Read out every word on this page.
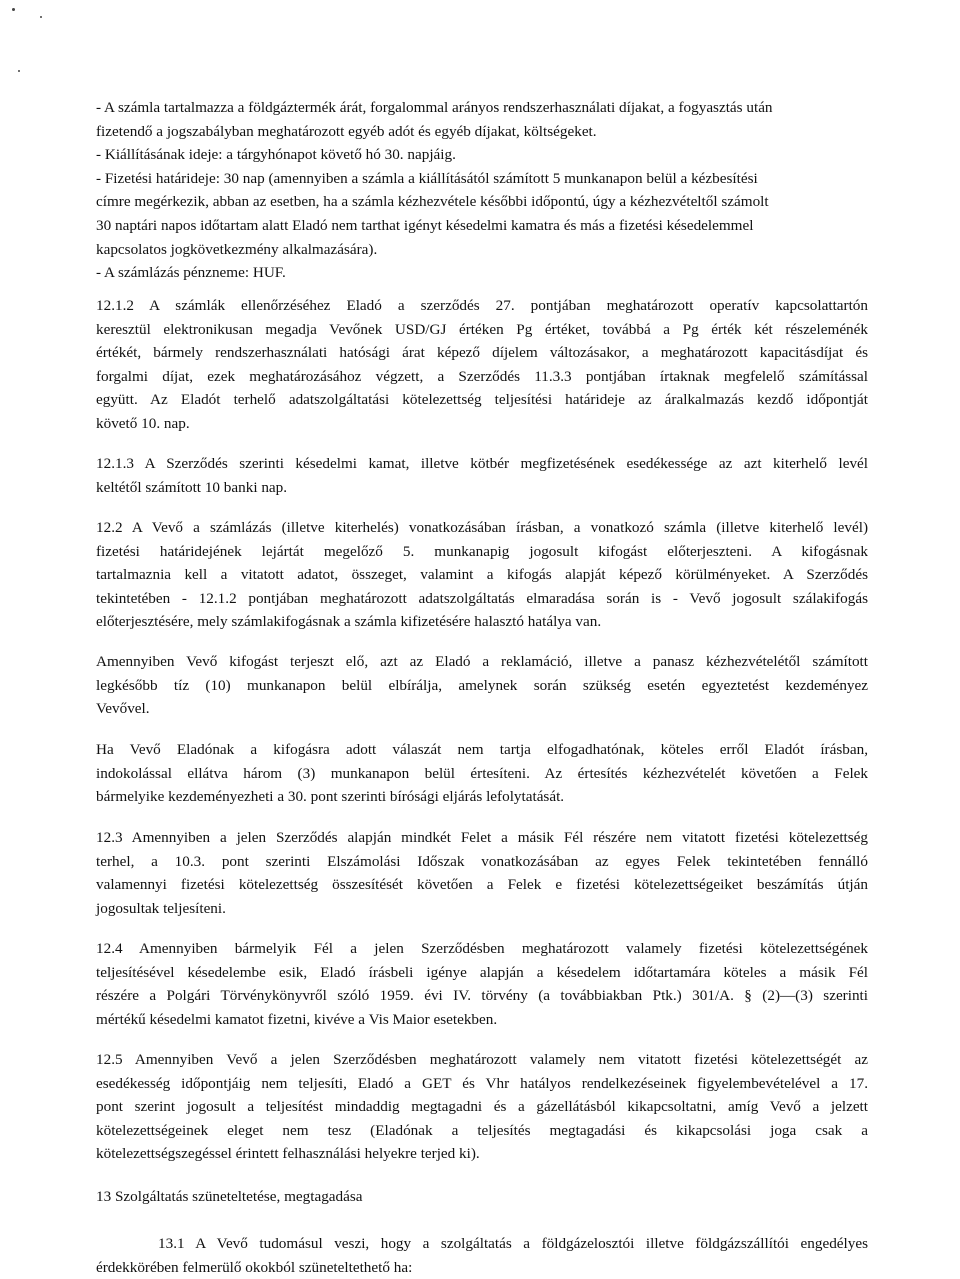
- A számla tartalmazza a földgáztermék árát, forgalommal arányos rendszerhasználati díjakat, a fogyasztás után
fizetendő a jogszabályban meghatározott egyéb adót és egyéb díjakat, költségeket.
- Kiállításának ideje: a tárgyhónapot követő hó 30. napjáig.
- Fizetési határideje: 30 nap (amennyiben a számla a kiállításától számított 5 munkanapon belül a kézbesítési
címre megérkezik, abban az esetben, ha a számla kézhezvétele későbbi időpontú, úgy a kézhezvételtől számolt
30 naptári napos időtartam alatt Eladó nem tarthat igényt késedelmi kamatra és más a fizetési késedelemmel
kapcsolatos jogkövetkezmény alkalmazására).
- A számlázás pénzneme: HUF.
12.1.2 A számlák ellenőrzéséhez Eladó a szerződés 27. pontjában meghatározott operatív kapcsolattartón
keresztül elektronikusan megadja Vevőnek USD/GJ értéken Pg értéket, továbbá a Pg érték két részeleménék
értékét, bármely rendszerhasználati hatósági árat képező díjelem változásakor, a meghatározott kapacitásdíjat és
forgalmi díjat, ezek meghatározásához végzett, a Szerződés 11.3.3 pontjában írtaknak megfelelő számítással
együtt. Az Eladót terhelő adatszolgáltatási kötelezettség teljesítési határideje az áralkalmazás kezdő időpontját
követő 10. nap.
12.1.3 A Szerződés szerinti késedelmi kamat, illetve kötbér megfizetésének esedékessége az azt kiterhelő levél
keltétől számított 10 banki nap.
12.2 A Vevő a számlázás (illetve kiterhelés) vonatkozásában írásban, a vonatkozó számla (illetve kiterhelő levél)
fizetési határidejének lejártát megelőző 5. munkanapig jogosult kifogást előterjeszteni. A kifogásnak
tartalmaznia kell a vitatott adatot, összeget, valamint a kifogás alapját képező körülményeket. A Szerződés
tekintetében - 12.1.2 pontjában meghatározott adatszolgáltatás elmaradása során is - Vevő jogosult szálakifogás
előterjesztésére, mely számlakifogásnak a számla kifizetésére halasztó hatálya van.
Amennyiben Vevő kifogást terjeszt elő, azt az Eladó a reklamáció, illetve a panasz kézhezvételétől számított
legkésőbb tíz (10) munkanapon belül elbírálja, amelynek során szükség esetén egyeztetést kezdeményez
Vevővel.
Ha Vevő Eladónak a kifogásra adott válaszát nem tartja elfogadhatónak, köteles erről Eladót írásban,
indokolással ellátva három (3) munkanapon belül értesíteni. Az értesítés kézhezvételét követően a Felek
bármelyike kezdeményezheti a 30. pont szerinti bírósági eljárás lefolytatását.
12.3 Amennyiben a jelen Szerződés alapján mindkét Felet a másik Fél részére nem vitatott fizetési kötelezettség
terhel, a 10.3. pont szerinti Elszámolási Időszak vonatkozásában az egyes Felek tekintetében fennálló
valamennyi fizetési kötelezettség összesítését követően a Felek e fizetési kötelezettségeiket beszámítás útján
jogosultak teljesíteni.
12.4 Amennyiben bármelyik Fél a jelen Szerződésben meghatározott valamely fizetési kötelezettségének
teljesítésével késedelembe esik, Eladó írásbeli igénye alapján a késedelem időtartamára köteles a másik Fél
részére a Polgári Törvénykönyvről szóló 1959. évi IV. törvény (a továbbiakban Ptk.) 301/A. § (2)—(3) szerinti
mértékű késedelmi kamatot fizetni, kivéve a Vis Maior esetekben.
12.5 Amennyiben Vevő a jelen Szerződésben meghatározott valamely nem vitatott fizetési kötelezettségét az
esedékesség időpontjáig nem teljesíti, Eladó a GET és Vhr hatályos rendelkezéseinek figyelembevételével a 17.
pont szerint jogosult a teljesítést mindaddig megtagadni és a gázellátásból kikapcsoltatni, amíg Vevő a jelzett
kötelezettségeinek eleget nem tesz (Eladónak a teljesítés megtagadási és kikapcsolási joga csak a
kötelezettségszegéssel érintett felhasználási helyekre terjed ki).
13 Szolgáltatás szüneteltetése, megtagadása
13.1 A Vevő tudomásul veszi, hogy a szolgáltatás a földgázelosztói illetve földgázszállítói engedélyes
érdekkörében felmerülő okokból szüneteltethető ha:
